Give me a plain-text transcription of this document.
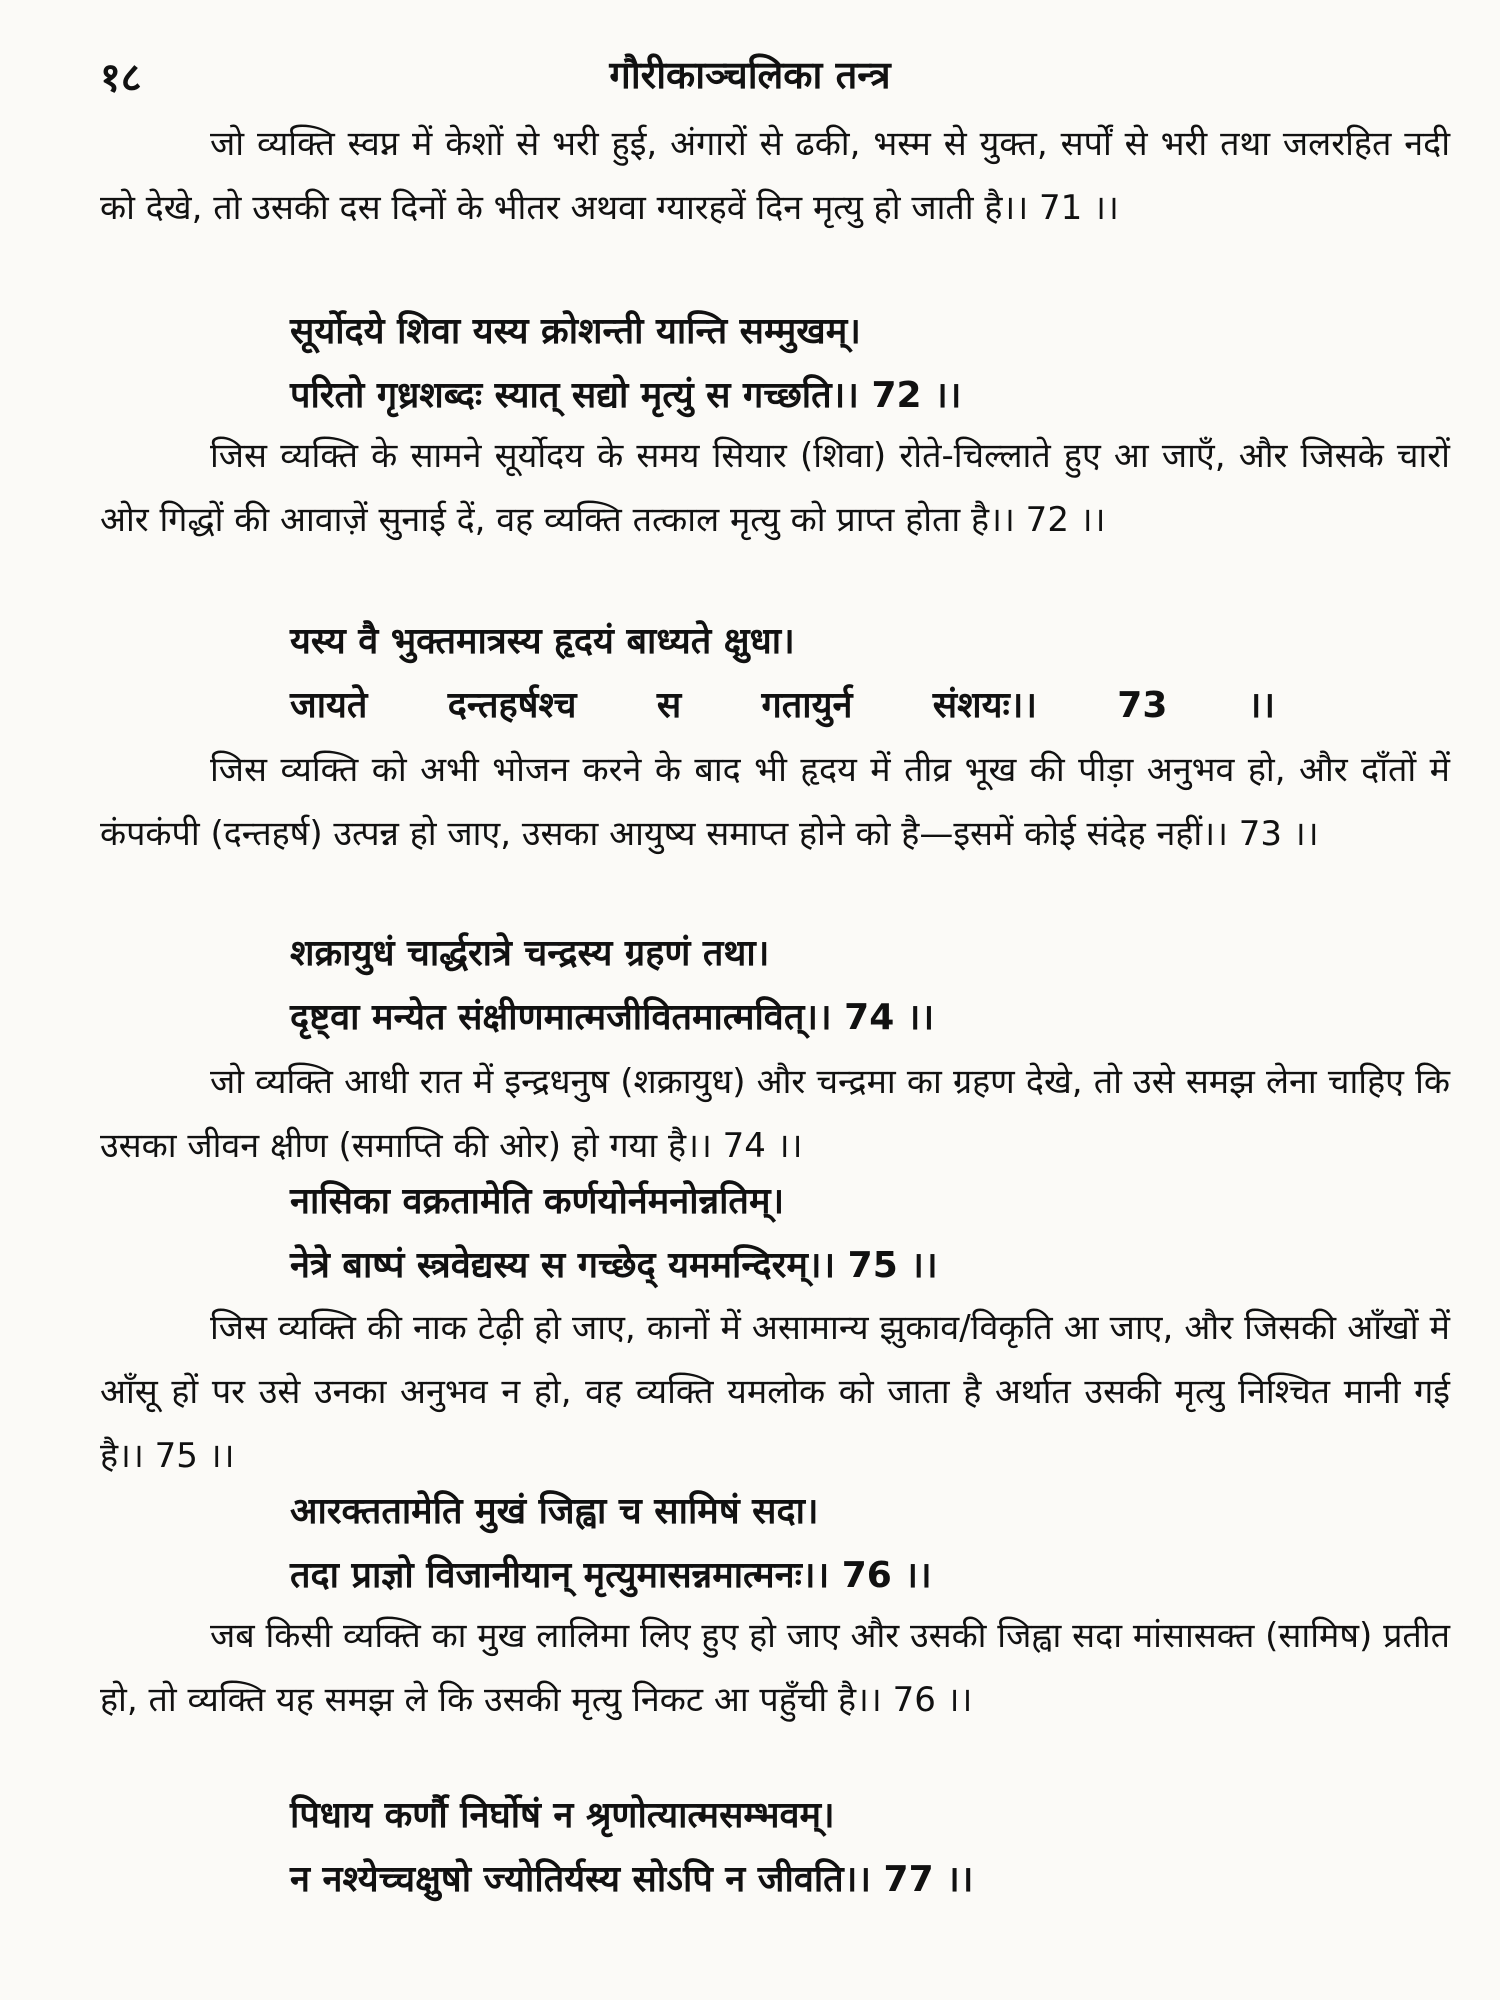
१८	गौरीकाञ्चलिका तन्त्र

जो व्यक्ति स्वप्न में केशों से भरी हुई, अंगारों से ढकी, भस्म से युक्त, सर्पों से भरी तथा जलरहित नदी को देखे, तो उसकी दस दिनों के भीतर अथवा ग्यारहवें दिन मृत्यु हो जाती है।। 71 ।।

सूर्योदये शिवा यस्य क्रोशन्ती यान्ति सम्मुखम्।
परितो गृध्रशब्दः स्यात् सद्यो मृत्युं स गच्छति।। 72 ।।

जिस व्यक्ति के सामने सूर्योदय के समय सियार (शिवा) रोते-चिल्लाते हुए आ जाएँ, और जिसके चारों ओर गिद्धों की आवाज़ें सुनाई दें, वह व्यक्ति तत्काल मृत्यु को प्राप्त होता है।। 72 ।।

यस्य वै भुक्तमात्रस्य हृदयं बाध्यते क्षुधा।
जायते दन्तहर्षश्च स गतायुर्न संशयः।। 73 ।।

जिस व्यक्ति को अभी भोजन करने के बाद भी हृदय में तीव्र भूख की पीड़ा अनुभव हो, और दाँतों में कंपकंपी (दन्तहर्ष) उत्पन्न हो जाए, उसका आयुष्य समाप्त होने को है—इसमें कोई संदेह नहीं।। 73 ।।

शक्रायुधं चार्द्धरात्रे चन्द्रस्य ग्रहणं तथा।
दृष्ट्वा मन्येत संक्षीणमात्मजीवितमात्मवित्।। 74 ।।

जो व्यक्ति आधी रात में इन्द्रधनुष (शक्रायुध) और चन्द्रमा का ग्रहण देखे, तो उसे समझ लेना चाहिए कि उसका जीवन क्षीण (समाप्ति की ओर) हो गया है।। 74 ।।

नासिका वक्रतामेति कर्णयोर्नमनोन्नतिम्।
नेत्रे बाष्पं स्त्रवेद्यस्य स गच्छेद् यममन्दिरम्।। 75 ।।

जिस व्यक्ति की नाक टेढ़ी हो जाए, कानों में असामान्य झुकाव/विकृति आ जाए, और जिसकी आँखों में आँसू हों पर उसे उनका अनुभव न हो, वह व्यक्ति यमलोक को जाता है अर्थात उसकी मृत्यु निश्चित मानी गई है।। 75 ।।

आरक्ततामेति मुखं जिह्वा च सामिषं सदा।
तदा प्राज्ञो विजानीयान् मृत्युमासन्नमात्मनः।। 76 ।।

जब किसी व्यक्ति का मुख लालिमा लिए हुए हो जाए और उसकी जिह्वा सदा मांसासक्त (सामिष) प्रतीत हो, तो व्यक्ति यह समझ ले कि उसकी मृत्यु निकट आ पहुँची है।। 76 ।।

पिधाय कर्णौ निर्घोषं न श्रृणोत्यात्मसम्भवम्।
न नश्येच्चक्षुषो ज्योतिर्यस्य सोऽपि न जीवति।। 77 ।।
